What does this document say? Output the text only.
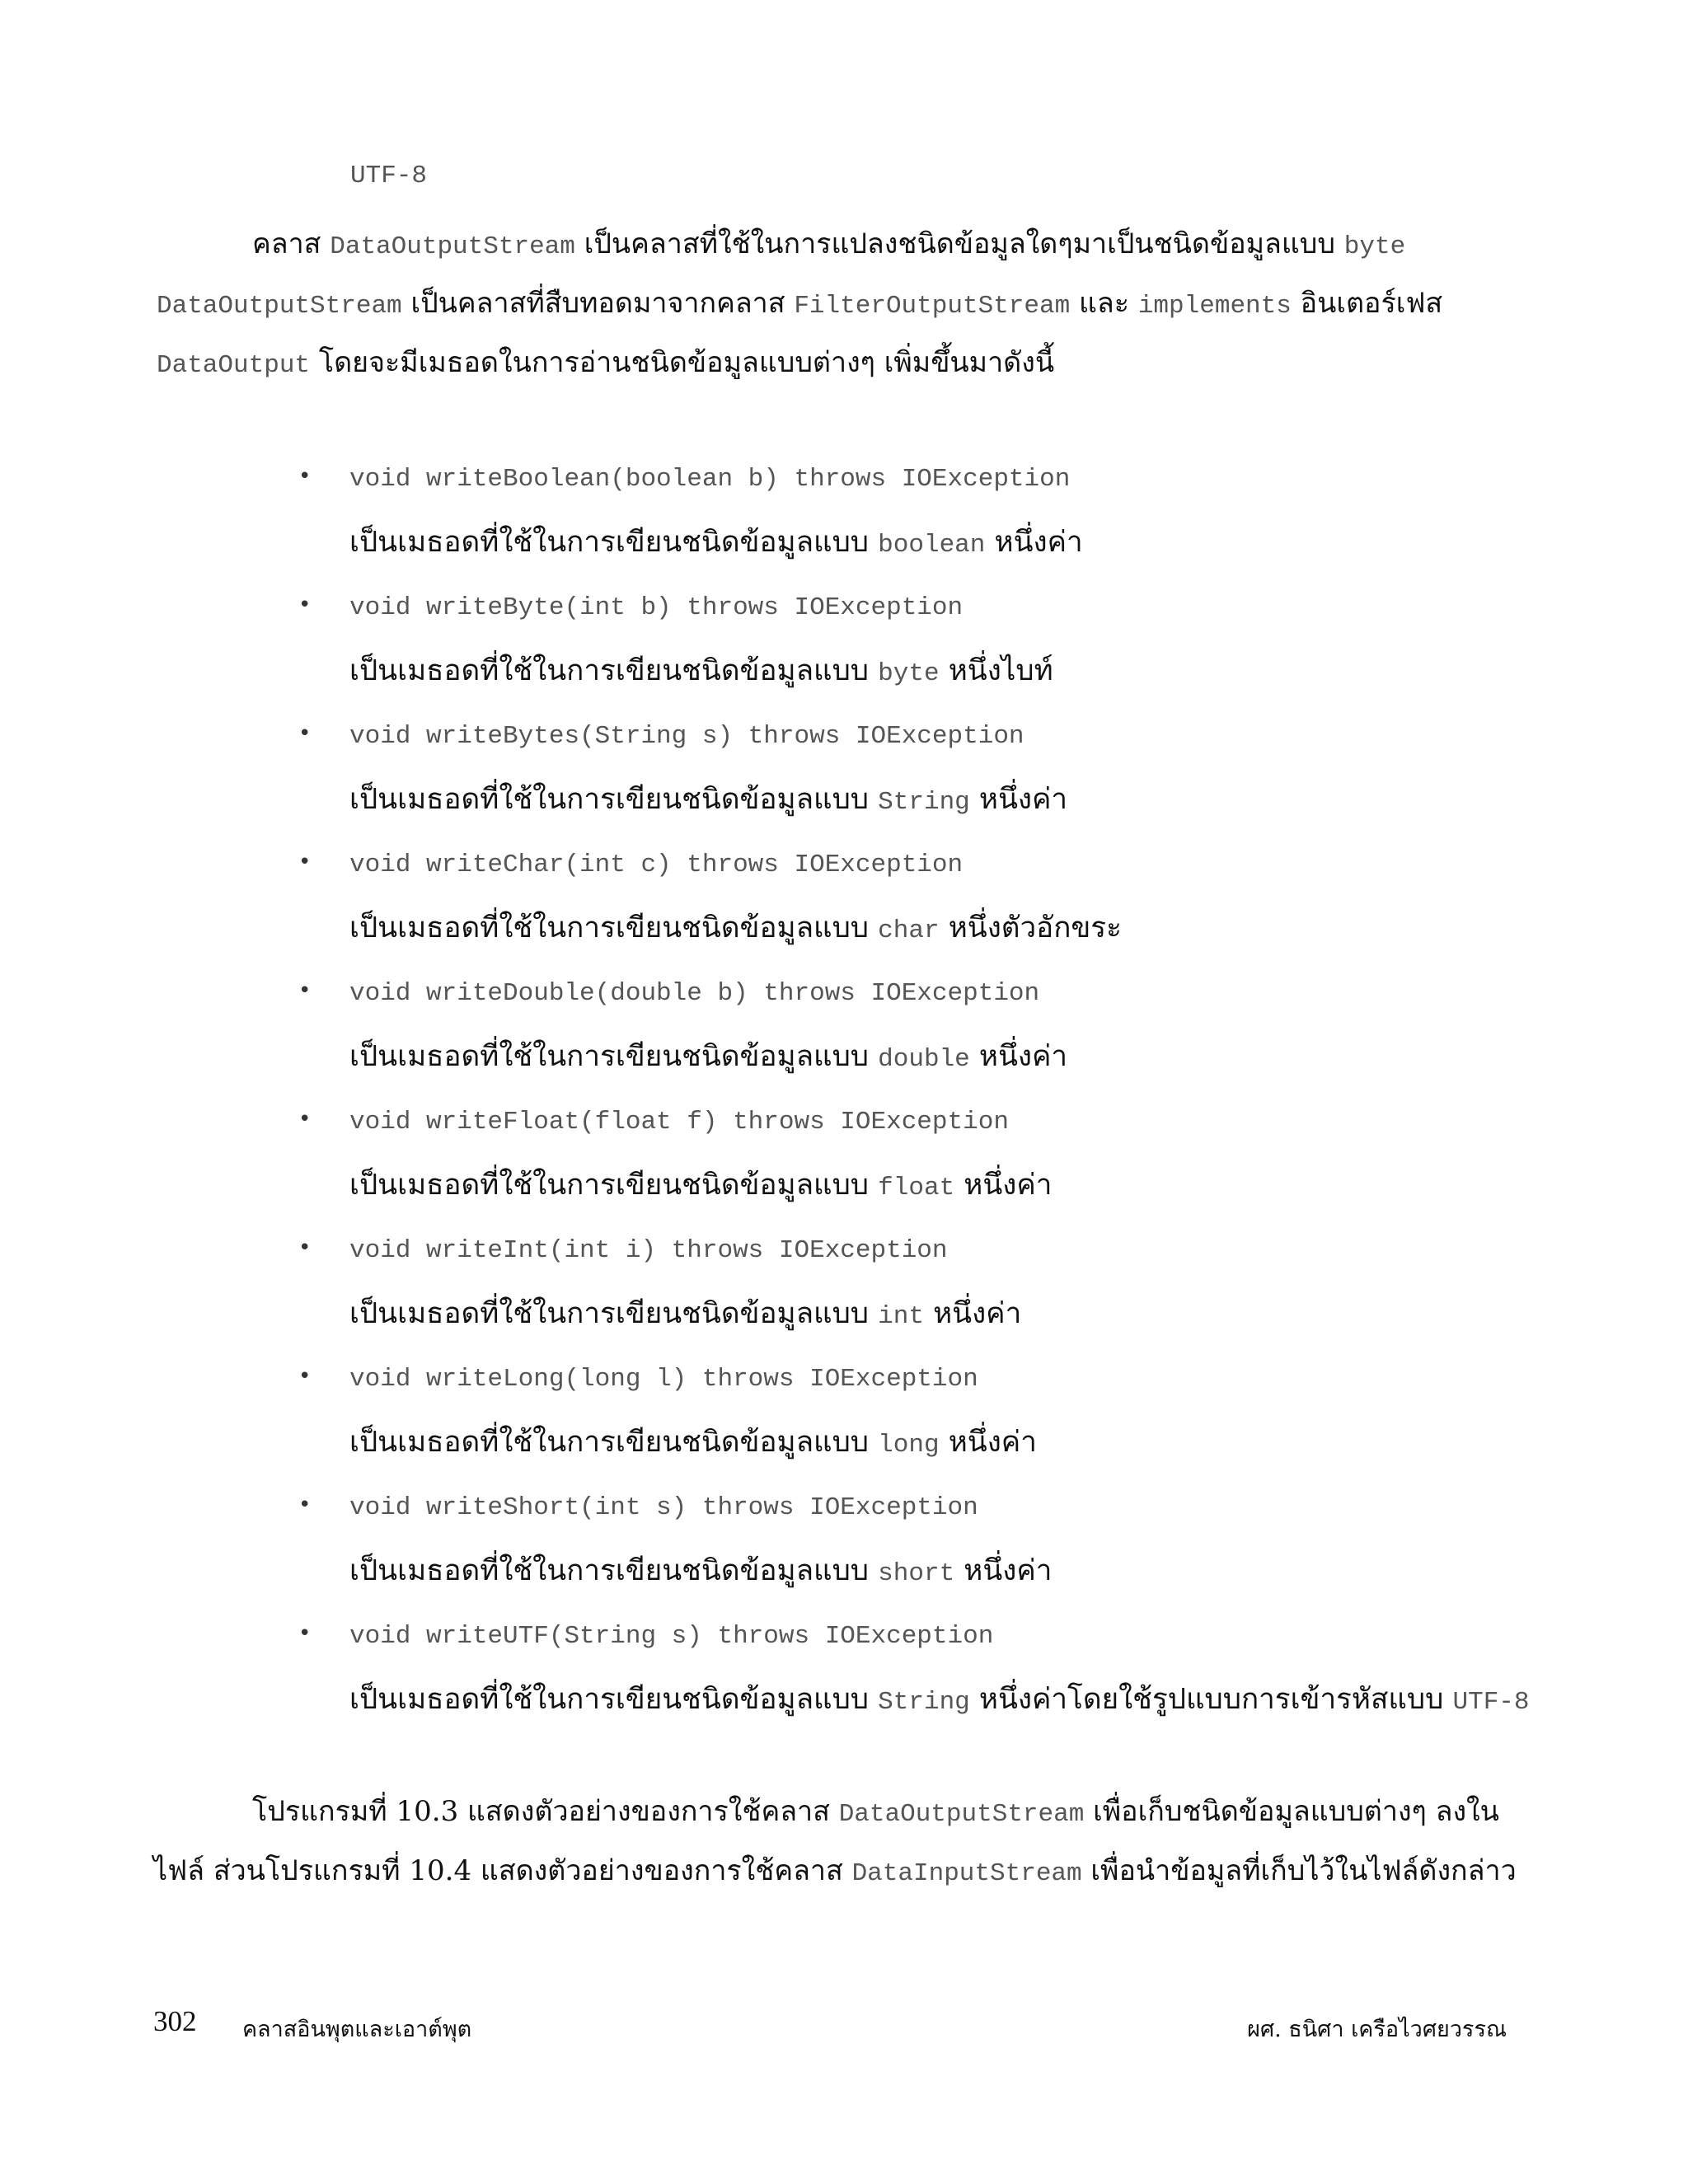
UTF-8
คลาส DataOutputStream เป็นคลาสที่ใช้ในการแปลงชนิดข้อมูลใดๆมาเป็นชนิดข้อมูลแบบ byte
DataOutputStream เป็นคลาสที่สืบทอดมาจากคลาส FilterOutputStream และ implements อินเตอร์เฟส
DataOutput โดยจะมีเมธอดในการอ่านชนิดข้อมูลแบบต่างๆ เพิ่มขึ้นมาดังนี้
• void writeBoolean(boolean b) throws IOException
เป็นเมธอดที่ใช้ในการเขียนชนิดข้อมูลแบบ boolean หนึ่งค่า
• void writeByte(int b) throws IOException
เป็นเมธอดที่ใช้ในการเขียนชนิดข้อมูลแบบ byte หนึ่งไบท์
• void writeBytes(String s) throws IOException
เป็นเมธอดที่ใช้ในการเขียนชนิดข้อมูลแบบ String หนึ่งค่า
• void writeChar(int c) throws IOException
เป็นเมธอดที่ใช้ในการเขียนชนิดข้อมูลแบบ char หนึ่งตัวอักขระ
• void writeDouble(double b) throws IOException
เป็นเมธอดที่ใช้ในการเขียนชนิดข้อมูลแบบ double หนึ่งค่า
• void writeFloat(float f) throws IOException
เป็นเมธอดที่ใช้ในการเขียนชนิดข้อมูลแบบ float หนึ่งค่า
• void writeInt(int i) throws IOException
เป็นเมธอดที่ใช้ในการเขียนชนิดข้อมูลแบบ int หนึ่งค่า
• void writeLong(long l) throws IOException
เป็นเมธอดที่ใช้ในการเขียนชนิดข้อมูลแบบ long หนึ่งค่า
• void writeShort(int s) throws IOException
เป็นเมธอดที่ใช้ในการเขียนชนิดข้อมูลแบบ short หนึ่งค่า
• void writeUTF(String s) throws IOException
เป็นเมธอดที่ใช้ในการเขียนชนิดข้อมูลแบบ String หนึ่งค่าโดยใช้รูปแบบการเข้ารหัสแบบ UTF-8
โปรแกรมที่ 10.3 แสดงตัวอย่างของการใช้คลาส DataOutputStream เพื่อเก็บชนิดข้อมูลแบบต่างๆ ลงใน
ไฟล์ ส่วนโปรแกรมที่ 10.4 แสดงตัวอย่างของการใช้คลาส DataInputStream เพื่อนำข้อมูลที่เก็บไว้ในไฟล์ดังกล่าว
302 คลาสอินพุตและเอาต์พุต	ผศ. ธนิศา เครือไวศยวรรณ
